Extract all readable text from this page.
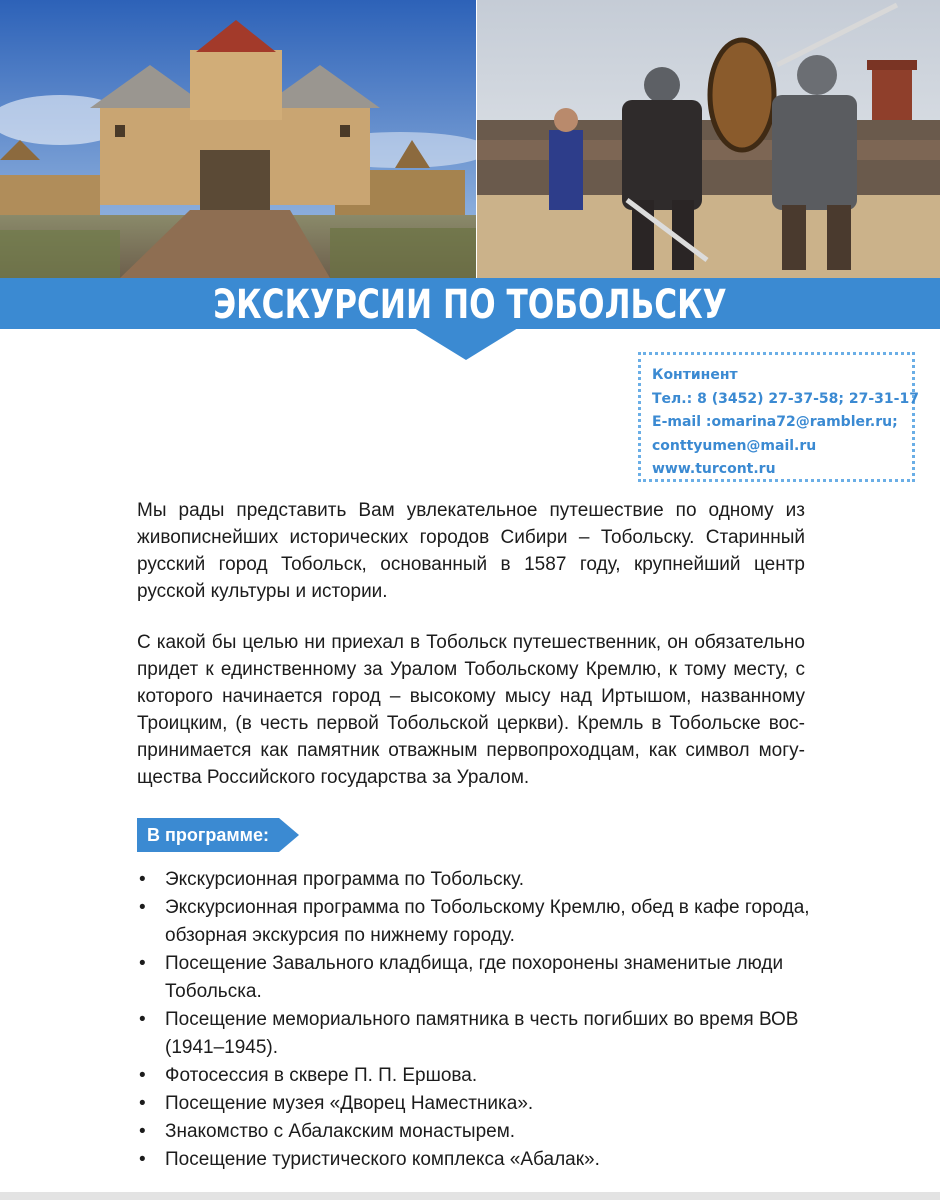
ЭКСКУРСИИ ПО ТОБОЛЬСКУ
Континент
Тел.: 8 (3452) 27-37-58; 27-31-17
E-mail :omarina72@rambler.ru;
conttyumen@mail.ru
www.turcont.ru

Мы рады представить Вам увлекательное путешествие по одному из живописнейших исторических городов Сибири – Тобольску. Старинный русский город Тобольск, основанный в 1587 году, крупнейший центр русской культуры и истории.

С какой бы целью ни приехал в Тобольск путешественник, он обязательно придет к единственному за Уралом Тобольскому Кремлю, к тому месту, с которого начинается город – высокому мысу над Иртышом, названному Троицким, (в честь первой Тобольской церкви). Кремль в Тобольске воспринимается как памятник отважным первопроходцам, как символ могущества Российского государства за Уралом.

В программе:
• Экскурсионная программа по Тобольску.
• Экскурсионная программа по Тобольскому Кремлю, обед в кафе города, обзорная экскурсия по нижнему городу.
• Посещение Завального кладбища, где похоронены знаменитые люди Тобольска.
• Посещение мемориального памятника в честь погибших во время ВОВ (1941–1945).
• Фотосессия в сквере П. П. Ершова.
• Посещение музея «Дворец Наместника».
• Знакомство с Абалакским монастырем.
• Посещение туристического комплекса «Абалак».
